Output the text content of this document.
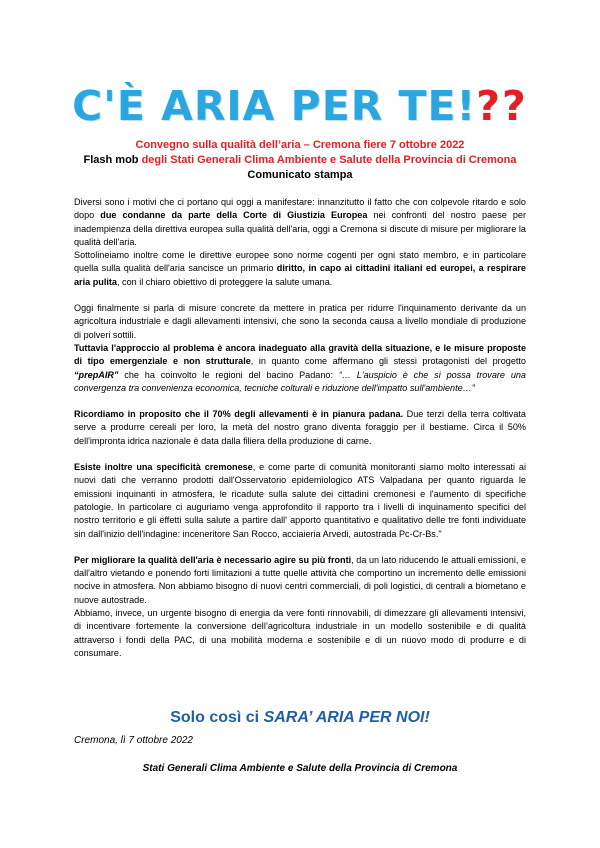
C'È ARIA PER TE!??
Convegno sulla qualità dell’aria – Cremona fiere 7 ottobre 2022
Flash mob degli Stati Generali Clima Ambiente e Salute della Provincia di Cremona
Comunicato stampa

Diversi sono i motivi che ci portano qui oggi a manifestare: innanzitutto il fatto che con colpevole ritardo e solo dopo due condanne da parte della Corte di Giustizia Europea nei confronti del nostro paese per inadempienza della direttiva europea sulla qualità dell'aria, oggi a Cremona si discute di misure per migliorare la qualità dell'aria.

Sottolineiamo inoltre come le direttive europee sono norme cogenti per ogni stato membro, e in particolare quella sulla qualità dell'aria sancisce un primario diritto, in capo ai cittadini italiani ed europei, a respirare aria pulita, con il chiaro obiettivo di proteggere la salute umana.

Oggi finalmente si parla di misure concrete da mettere in pratica per ridurre l'inquinamento derivante da un agricoltura industriale e dagli allevamenti intensivi, che sono la seconda causa a livello mondiale di produzione di polveri sottili.

Tuttavia l'approccio al problema è ancora inadeguato alla gravità della situazione, e le misure proposte di tipo emergenziale e non strutturale, in quanto come affermano gli stessi protagonisti del progetto “prepAIR” che ha coinvolto le regioni del bacino Padano: “… L'auspicio è che si possa trovare una convergenza tra convenienza economica, tecniche colturali e riduzione dell'impatto sull'ambiente…”

Ricordiamo in proposito che il 70% degli allevamenti è in pianura padana. Due terzi della terra coltivata serve a produrre cereali per loro, la metà del nostro grano diventa foraggio per il bestiame. Circa il 50% dell'impronta idrica nazionale è data dalla filiera della produzione di carne.

Esiste inoltre una specificità cremonese, e come parte di comunità monitoranti siamo molto interessati ai nuovi dati che verranno prodotti dall'Osservatorio epidemiologico ATS Valpadana per quanto riguarda le emissioni inquinanti in atmosfera, le ricadute sulla salute dei cittadini cremonesi e l'aumento di specifiche patologie. In particolare ci auguriamo venga approfondito il rapporto tra i livelli di inquinamento specifici del nostro territorio e gli effetti sulla salute a partire dall' apporto quantitativo e qualitativo delle tre fonti individuate sin dall'inizio dell'indagine: inceneritore San Rocco, acciaieria Arvedi, autostrada Pc-Cr-Bs."

Per migliorare la qualità dell'aria è necessario agire su più fronti, da un lato riducendo le attuali emissioni, e dall'altro vietando e ponendo forti limitazioni a tutte quelle attività che comportino un incremento delle emissioni nocive in atmosfera. Non abbiamo bisogno di nuovi centri commerciali, di poli logistici, di centrali a biometano e nuove autostrade.

Abbiamo, invece, un urgente bisogno di energia da vere fonti rinnovabili, di dimezzare gli allevamenti intensivi, di incentivare fortemente la conversione dell’agricoltura industriale in un modello sostenibile e di qualità attraverso i fondi della PAC, di una mobilità moderna e sostenibile e di un nuovo modo di produrre e di consumare.

Solo così ci SARA’ ARIA PER NOI!
Cremona, lì 7 ottobre 2022
Stati Generali Clima Ambiente e Salute della Provincia di Cremona
